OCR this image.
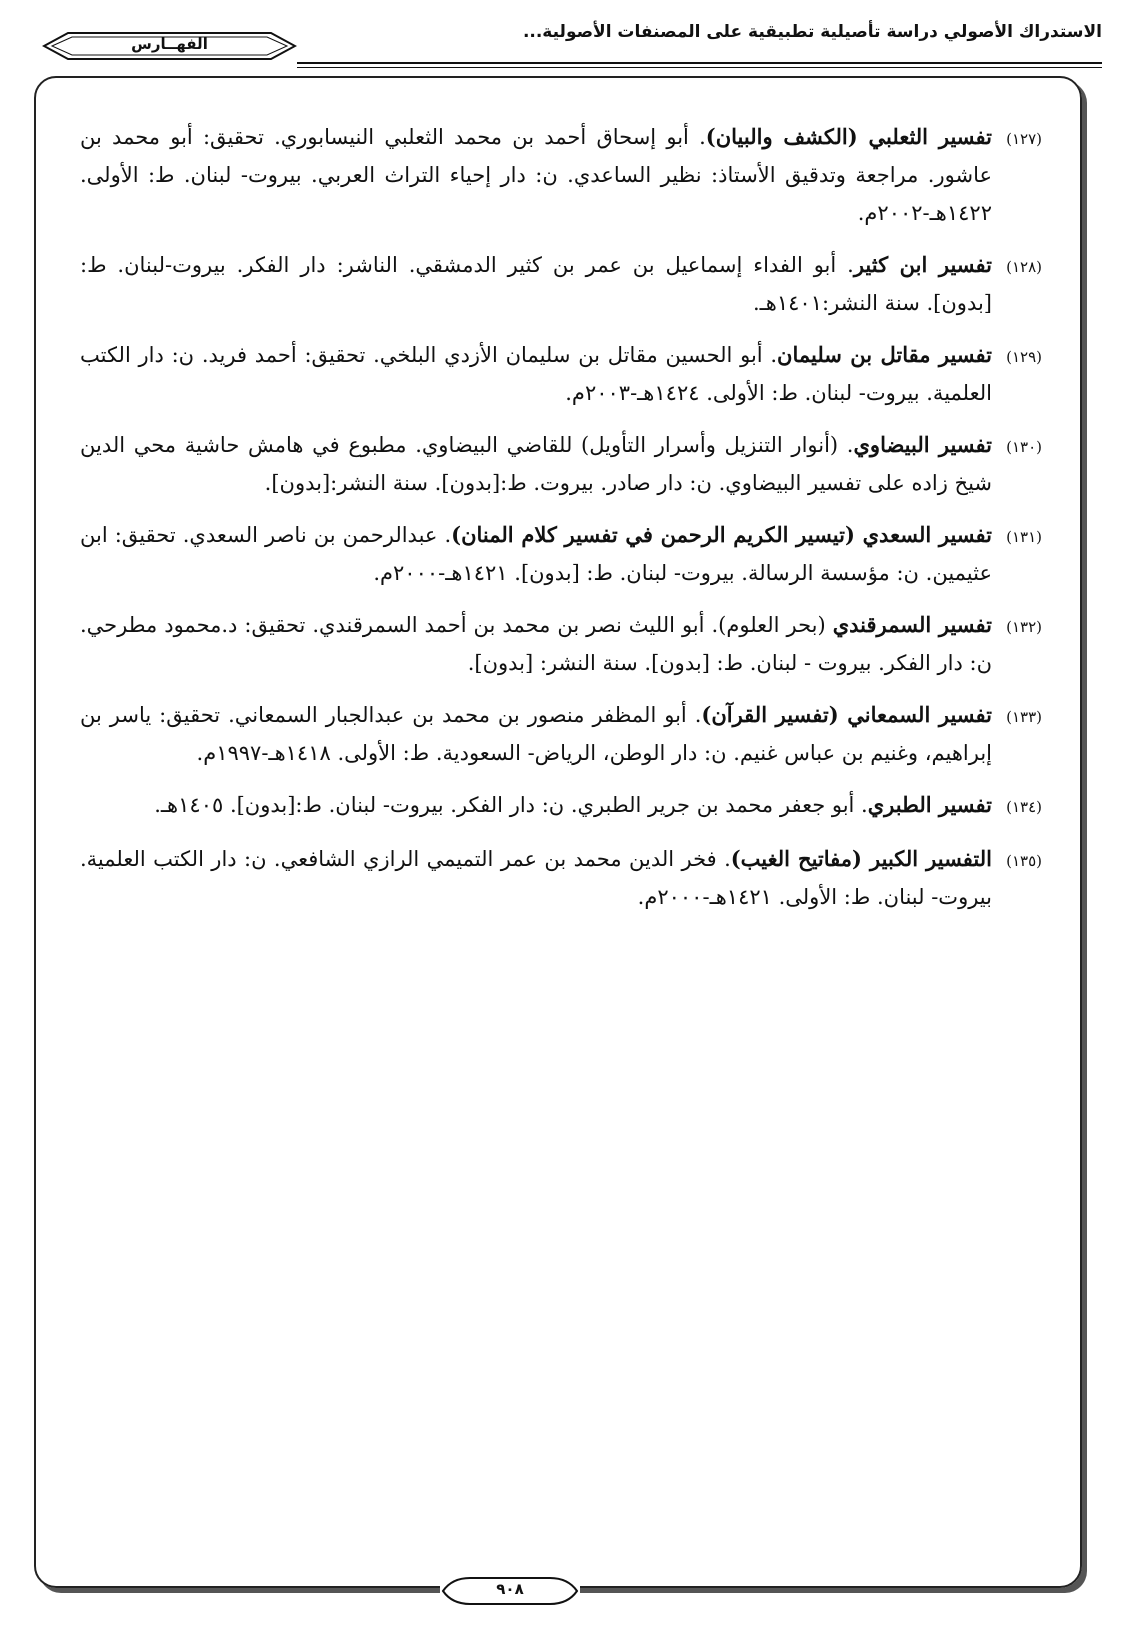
الاستدراك الأصولي دراسة تأصيلية تطبيقية على المصنفات الأصولية...
الفهــارس
(١٢٧)
تفسير الثعلبي (الكشف والبيان). أبو إسحاق أحمد بن محمد الثعلبي النيسابوري. تحقيق: أبو محمد بن عاشور. مراجعة وتدقيق الأستاذ: نظير الساعدي. ن: دار إحياء التراث العربي. بيروت- لبنان. ط: الأولى. ١٤٢٢هـ-٢٠٠٢م.
(١٢٨)
تفسير ابن كثير. أبو الفداء إسماعيل بن عمر بن كثير الدمشقي. الناشر: دار الفكر. بيروت-لبنان. ط:[بدون]. سنة النشر:١٤٠١هـ.
(١٢٩)
تفسير مقاتل بن سليمان. أبو الحسين مقاتل بن سليمان الأزدي البلخي. تحقيق: أحمد فريد. ن: دار الكتب العلمية. بيروت- لبنان. ط: الأولى. ١٤٢٤هـ-٢٠٠٣م.
(١٣٠)
تفسير البيضاوي. (أنوار التنزيل وأسرار التأويل) للقاضي البيضاوي. مطبوع في هامش حاشية محي الدين شيخ زاده على تفسير البيضاوي. ن: دار صادر. بيروت. ط:[بدون]. سنة النشر:[بدون].
(١٣١)
تفسير السعدي (تيسير الكريم الرحمن في تفسير كلام المنان). عبدالرحمن بن ناصر السعدي. تحقيق: ابن عثيمين. ن: مؤسسة الرسالة. بيروت- لبنان. ط: [بدون]. ١٤٢١هـ-٢٠٠٠م.
(١٣٢)
تفسير السمرقندي (بحر العلوم). أبو الليث نصر بن محمد بن أحمد السمرقندي. تحقيق: د.محمود مطرحي. ن: دار الفكر. بيروت - لبنان. ط: [بدون]. سنة النشر: [بدون].
(١٣٣)
تفسير السمعاني (تفسير القرآن). أبو المظفر منصور بن محمد بن عبدالجبار السمعاني. تحقيق: ياسر بن إبراهيم، وغنيم بن عباس غنيم. ن: دار الوطن، الرياض- السعودية. ط: الأولى. ١٤١٨هـ-١٩٩٧م.
(١٣٤)
تفسير الطبري. أبو جعفر محمد بن جرير الطبري. ن: دار الفكر. بيروت- لبنان. ط:[بدون]. ١٤٠٥هـ.
(١٣٥)
التفسير الكبير (مفاتيح الغيب). فخر الدين محمد بن عمر التميمي الرازي الشافعي. ن: دار الكتب العلمية. بيروت- لبنان. ط: الأولى. ١٤٢١هـ-٢٠٠٠م.
٩٠٨
